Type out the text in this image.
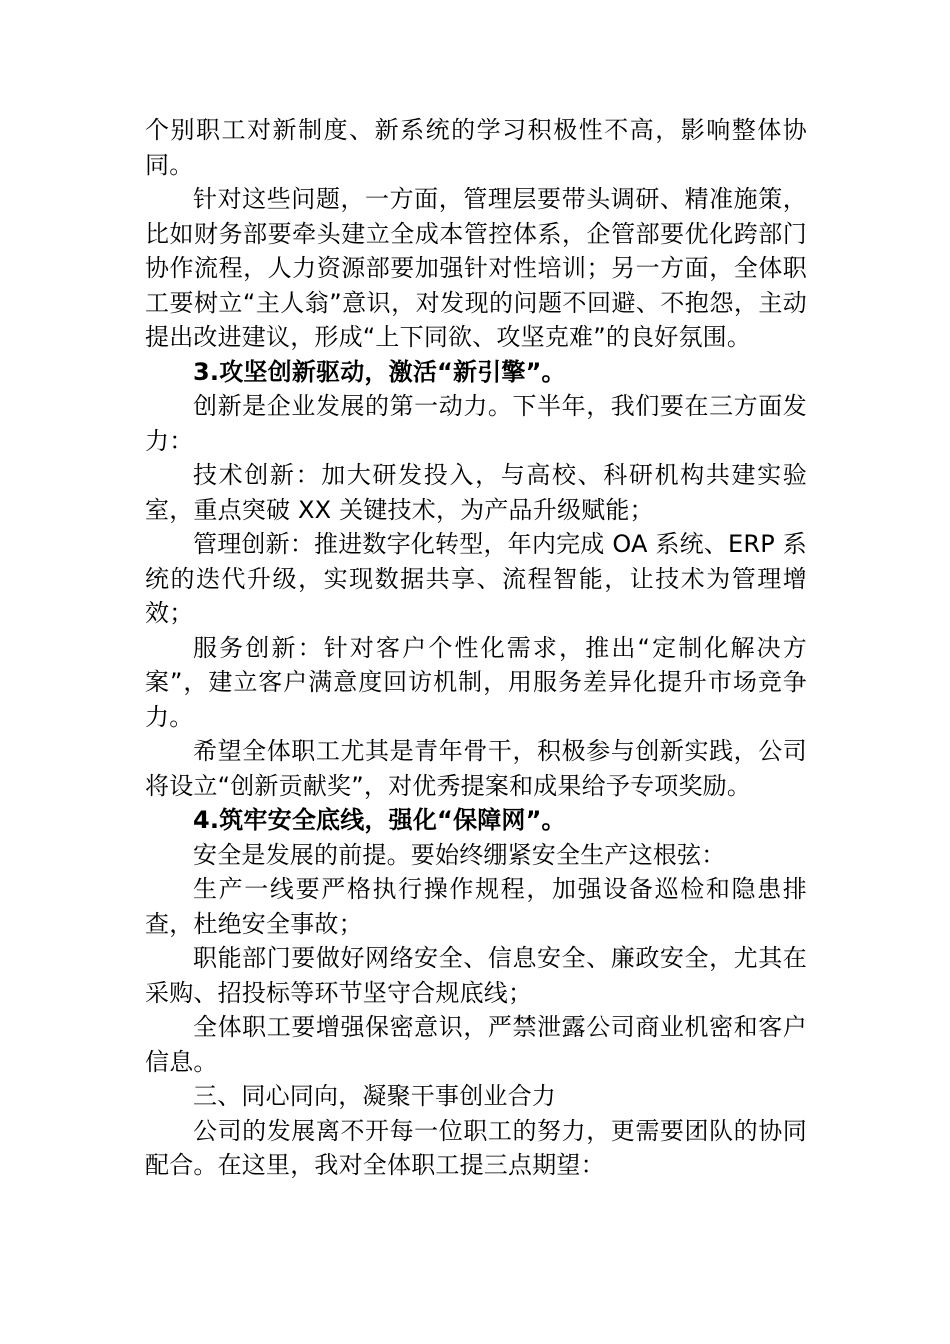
个别职工对新制度、新系统的学习积极性不高，影响整体协同。

针对这些问题，一方面，管理层要带头调研、精准施策，比如财务部要牵头建立全成本管控体系，企管部要优化跨部门协作流程，人力资源部要加强针对性培训；另一方面，全体职工要树立“主人翁”意识，对发现的问题不回避、不抱怨，主动提出改进建议，形成“上下同欲、攻坚克难”的良好氛围。

3.攻坚创新驱动，激活“新引擎”。

创新是企业发展的第一动力。下半年，我们要在三方面发力：

技术创新：加大研发投入，与高校、科研机构共建实验室，重点突破 XX 关键技术，为产品升级赋能；

管理创新：推进数字化转型，年内完成 OA 系统、ERP 系统的迭代升级，实现数据共享、流程智能，让技术为管理增效；

服务创新：针对客户个性化需求，推出“定制化解决方案”，建立客户满意度回访机制，用服务差异化提升市场竞争力。

希望全体职工尤其是青年骨干，积极参与创新实践，公司将设立“创新贡献奖”，对优秀提案和成果给予专项奖励。

4.筑牢安全底线，强化“保障网”。

安全是发展的前提。要始终绷紧安全生产这根弦：

生产一线要严格执行操作规程，加强设备巡检和隐患排查，杜绝安全事故；

职能部门要做好网络安全、信息安全、廉政安全，尤其在采购、招投标等环节坚守合规底线；

全体职工要增强保密意识，严禁泄露公司商业机密和客户信息。

三、同心同向，凝聚干事创业合力

公司的发展离不开每一位职工的努力，更需要团队的协同配合。在这里，我对全体职工提三点期望：
